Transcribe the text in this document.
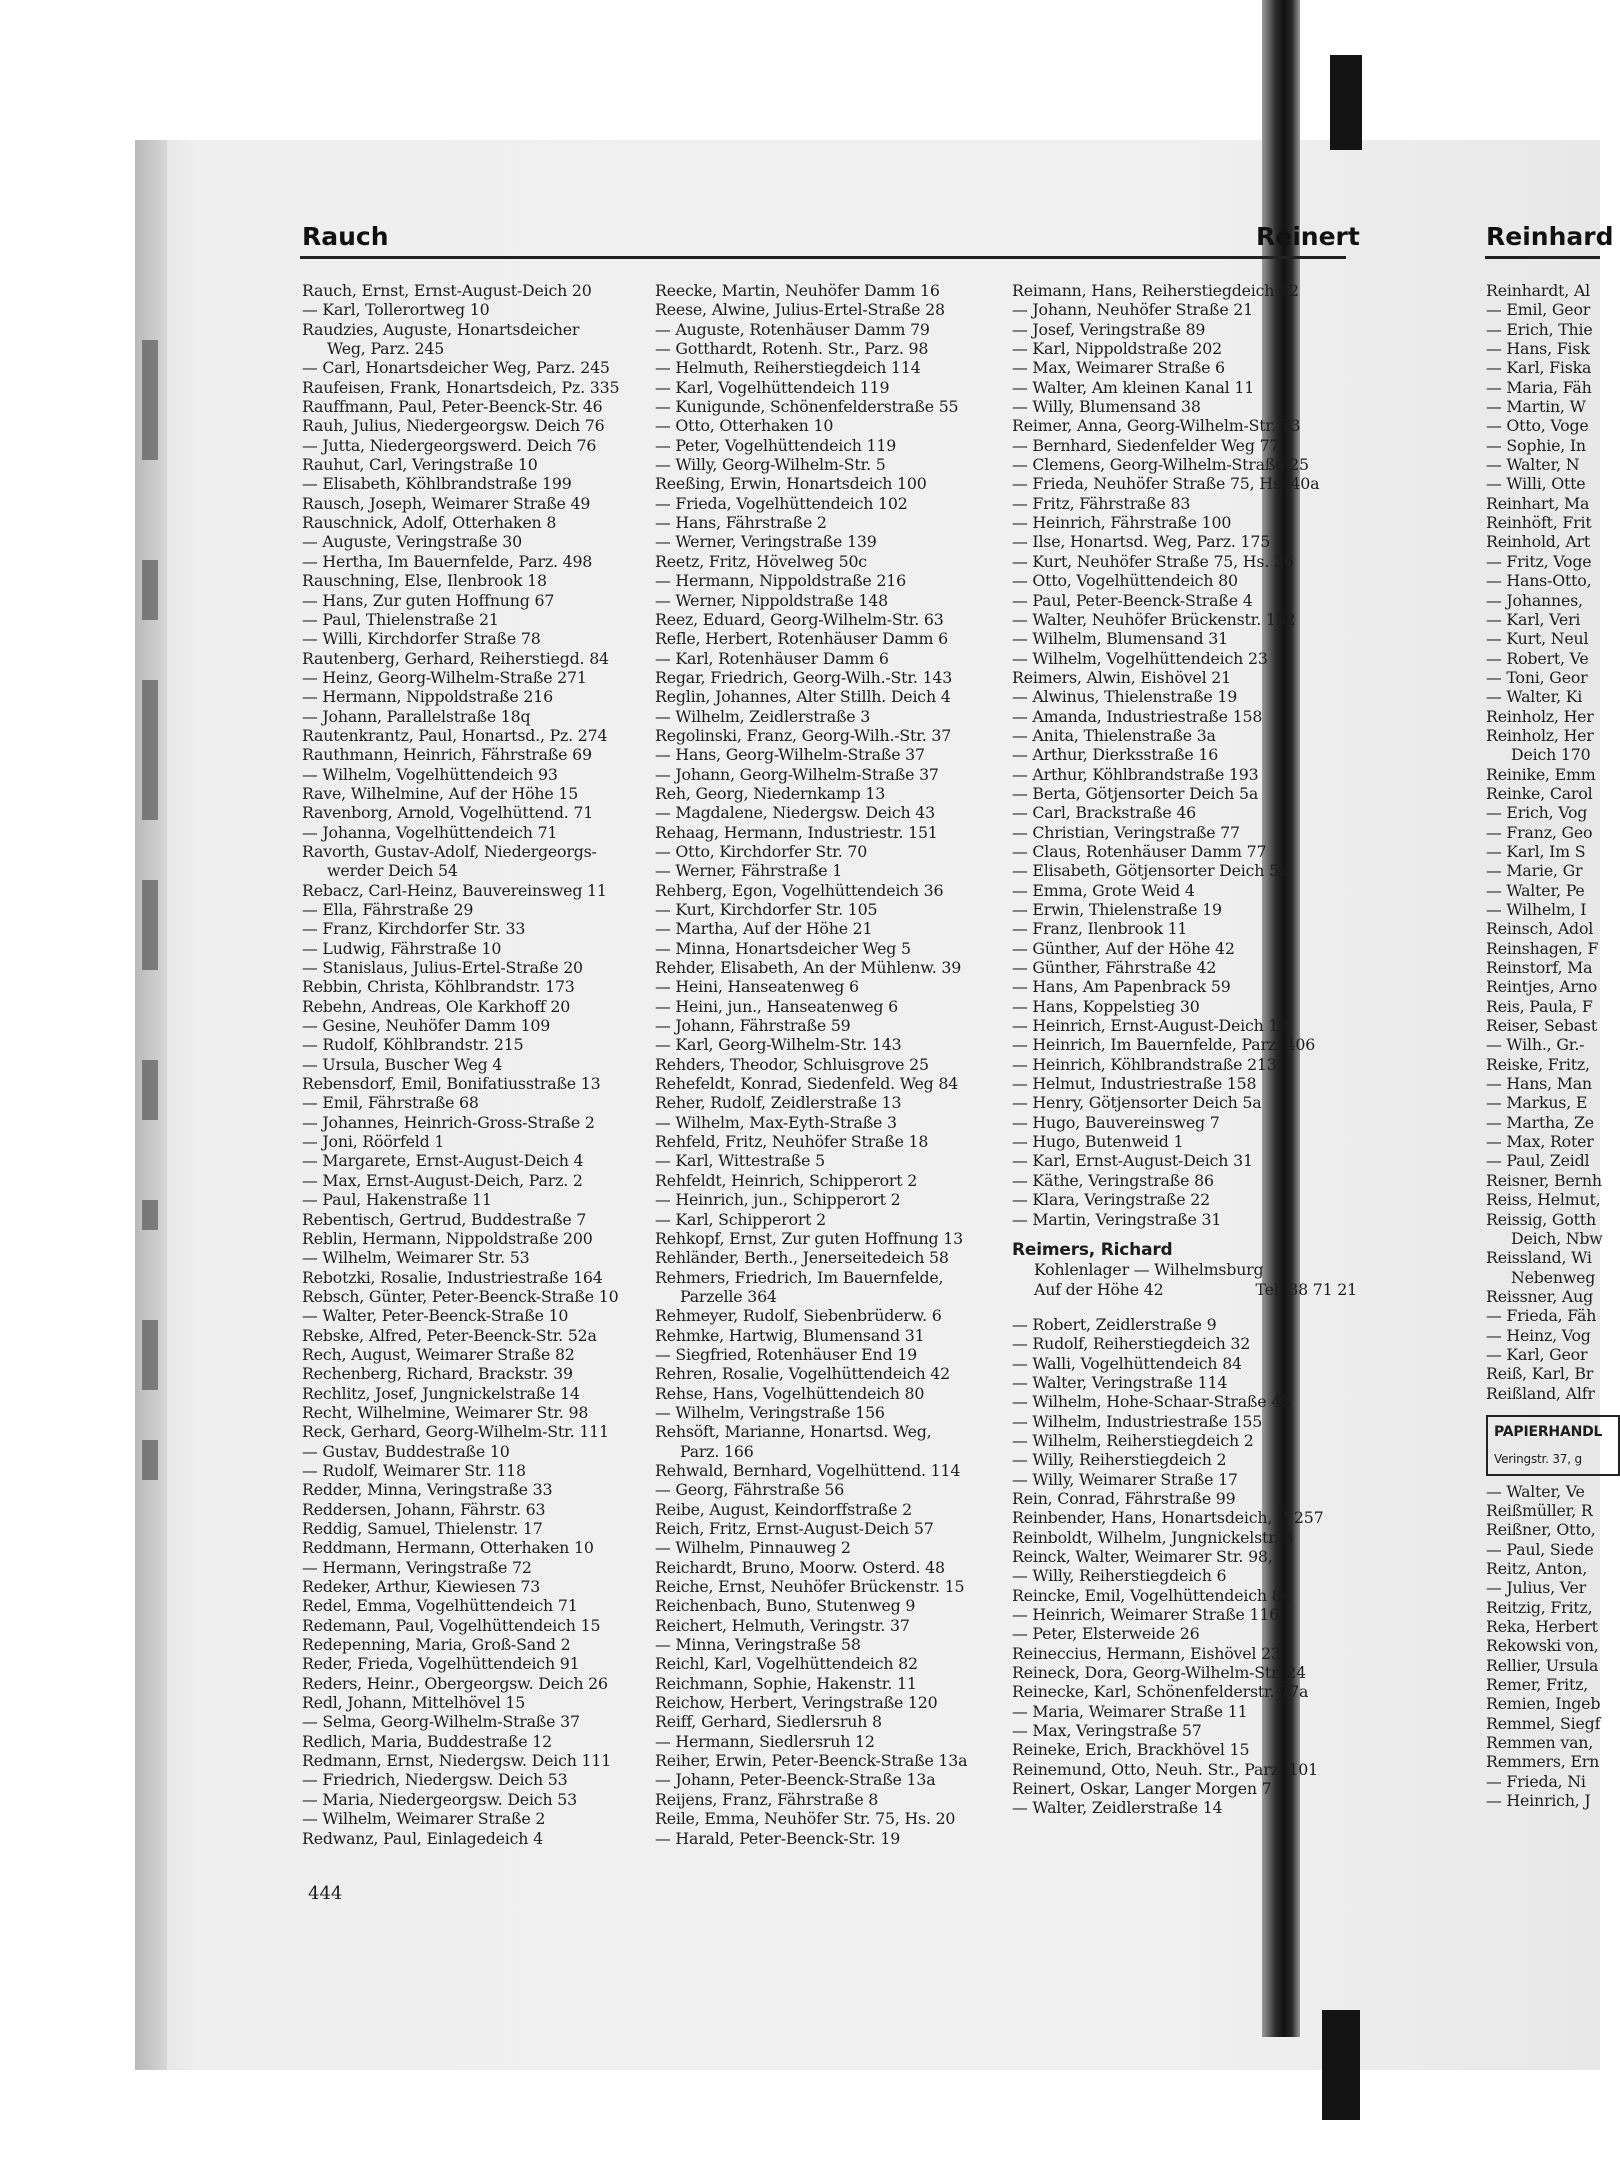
Rauch	Reinert	Reinhard
Rauch, Ernst, Ernst-August-Deich 20
— Karl, Tollerortweg 10
Raudzies, Auguste, Honartsdeicher
Weg, Parz. 245
— Carl, Honartsdeicher Weg, Parz. 245
Raufeisen, Frank, Honartsdeich, Pz. 335
Rauffmann, Paul, Peter-Beenck-Str. 46
Rauh, Julius, Niedergeorgsw. Deich 76
— Jutta, Niedergeorgswerd. Deich 76
Rauhut, Carl, Veringstraße 10
— Elisabeth, Köhlbrandstraße 199
Rausch, Joseph, Weimarer Straße 49
Rauschnick, Adolf, Otterhaken 8
— Auguste, Veringstraße 30
— Hertha, Im Bauernfelde, Parz. 498
Rauschning, Else, Ilenbrook 18
— Hans, Zur guten Hoffnung 67
— Paul, Thielenstraße 21
— Willi, Kirchdorfer Straße 78
Rautenberg, Gerhard, Reiherstiegd. 84
— Heinz, Georg-Wilhelm-Straße 271
— Hermann, Nippoldstraße 216
— Johann, Parallelstraße 18q
Rautenkrantz, Paul, Honartsd., Pz. 274
Rauthmann, Heinrich, Fährstraße 69
— Wilhelm, Vogelhüttendeich 93
Rave, Wilhelmine, Auf der Höhe 15
Ravenborg, Arnold, Vogelhüttend. 71
— Johanna, Vogelhüttendeich 71
Ravorth, Gustav-Adolf, Niedergeorgs-
werder Deich 54
Rebacz, Carl-Heinz, Bauvereinsweg 11
— Ella, Fährstraße 29
— Franz, Kirchdorfer Str. 33
— Ludwig, Fährstraße 10
— Stanislaus, Julius-Ertel-Straße 20
Rebbin, Christa, Köhlbrandstr. 173
Rebehn, Andreas, Ole Karkhoff 20
— Gesine, Neuhöfer Damm 109
— Rudolf, Köhlbrandstr. 215
— Ursula, Buscher Weg 4
Rebensdorf, Emil, Bonifatiusstraße 13
— Emil, Fährstraße 68
— Johannes, Heinrich-Gross-Straße 2
— Joni, Röörfeld 1
— Margarete, Ernst-August-Deich 4
— Max, Ernst-August-Deich, Parz. 2
— Paul, Hakenstraße 11
Rebentisch, Gertrud, Buddestraße 7
Reblin, Hermann, Nippoldstraße 200
— Wilhelm, Weimarer Str. 53
Rebotzki, Rosalie, Industriestraße 164
Rebsch, Günter, Peter-Beenck-Straße 10
— Walter, Peter-Beenck-Straße 10
Rebske, Alfred, Peter-Beenck-Str. 52a
Rech, August, Weimarer Straße 82
Rechenberg, Richard, Brackstr. 39
Rechlitz, Josef, Jungnickelstraße 14
Recht, Wilhelmine, Weimarer Str. 98
Reck, Gerhard, Georg-Wilhelm-Str. 111
— Gustav, Buddestraße 10
— Rudolf, Weimarer Str. 118
Redder, Minna, Veringstraße 33
Reddersen, Johann, Fährstr. 63
Reddig, Samuel, Thielenstr. 17
Reddmann, Hermann, Otterhaken 10
— Hermann, Veringstraße 72
Redeker, Arthur, Kiewiesen 73
Redel, Emma, Vogelhüttendeich 71
Redemann, Paul, Vogelhüttendeich 15
Redepenning, Maria, Groß-Sand 2
Reder, Frieda, Vogelhüttendeich 91
Reders, Heinr., Obergeorgsw. Deich 26
Redl, Johann, Mittelhövel 15
— Selma, Georg-Wilhelm-Straße 37
Redlich, Maria, Buddestraße 12
Redmann, Ernst, Niedergsw. Deich 111
— Friedrich, Niedergsw. Deich 53
— Maria, Niedergeorgsw. Deich 53
— Wilhelm, Weimarer Straße 2
Redwanz, Paul, Einlagedeich 4
Reecke, Martin, Neuhöfer Damm 16
Reese, Alwine, Julius-Ertel-Straße 28
— Auguste, Rotenhäuser Damm 79
— Gotthardt, Rotenh. Str., Parz. 98
— Helmuth, Reiherstiegdeich 114
— Karl, Vogelhüttendeich 119
— Kunigunde, Schönenfelderstraße 55
— Otto, Otterhaken 10
— Peter, Vogelhüttendeich 119
— Willy, Georg-Wilhelm-Str. 5
Reeßing, Erwin, Honartsdeich 100
— Frieda, Vogelhüttendeich 102
— Hans, Fährstraße 2
— Werner, Veringstraße 139
Reetz, Fritz, Hövelweg 50c
— Hermann, Nippoldstraße 216
— Werner, Nippoldstraße 148
Reez, Eduard, Georg-Wilhelm-Str. 63
Refle, Herbert, Rotenhäuser Damm 6
— Karl, Rotenhäuser Damm 6
Regar, Friedrich, Georg-Wilh.-Str. 143
Reglin, Johannes, Alter Stillh. Deich 4
— Wilhelm, Zeidlerstraße 3
Regolinski, Franz, Georg-Wilh.-Str. 37
— Hans, Georg-Wilhelm-Straße 37
— Johann, Georg-Wilhelm-Straße 37
Reh, Georg, Niedernkamp 13
— Magdalene, Niedergsw. Deich 43
Rehaag, Hermann, Industriestr. 151
— Otto, Kirchdorfer Str. 70
— Werner, Fährstraße 1
Rehberg, Egon, Vogelhüttendeich 36
— Kurt, Kirchdorfer Str. 105
— Martha, Auf der Höhe 21
— Minna, Honartsdeicher Weg 5
Rehder, Elisabeth, An der Mühlenw. 39
— Heini, Hanseatenweg 6
— Heini, jun., Hanseatenweg 6
— Johann, Fährstraße 59
— Karl, Georg-Wilhelm-Str. 143
Rehders, Theodor, Schluisgrove 25
Rehefeldt, Konrad, Siedenfeld. Weg 84
Reher, Rudolf, Zeidlerstraße 13
— Wilhelm, Max-Eyth-Straße 3
Rehfeld, Fritz, Neuhöfer Straße 18
— Karl, Wittestraße 5
Rehfeldt, Heinrich, Schipperort 2
— Heinrich, jun., Schipperort 2
— Karl, Schipperort 2
Rehkopf, Ernst, Zur guten Hoffnung 13
Rehländer, Berth., Jenerseitedeich 58
Rehmers, Friedrich, Im Bauernfelde,
Parzelle 364
Rehmeyer, Rudolf, Siebenbrüderw. 6
Rehmke, Hartwig, Blumensand 31
— Siegfried, Rotenhäuser End 19
Rehren, Rosalie, Vogelhüttendeich 42
Rehse, Hans, Vogelhüttendeich 80
— Wilhelm, Veringstraße 156
Rehsöft, Marianne, Honartsd. Weg,
Parz. 166
Rehwald, Bernhard, Vogelhüttend. 114
— Georg, Fährstraße 56
Reibe, August, Keindorffstraße 2
Reich, Fritz, Ernst-August-Deich 57
— Wilhelm, Pinnauweg 2
Reichardt, Bruno, Moorw. Osterd. 48
Reiche, Ernst, Neuhöfer Brückenstr. 15
Reichenbach, Buno, Stutenweg 9
Reichert, Helmuth, Veringstr. 37
— Minna, Veringstraße 58
Reichl, Karl, Vogelhüttendeich 82
Reichmann, Sophie, Hakenstr. 11
Reichow, Herbert, Veringstraße 120
Reiff, Gerhard, Siedlersruh 8
— Hermann, Siedlersruh 12
Reiher, Erwin, Peter-Beenck-Straße 13a
— Johann, Peter-Beenck-Straße 13a
Reijens, Franz, Fährstraße 8
Reile, Emma, Neuhöfer Str. 75, Hs. 20
— Harald, Peter-Beenck-Str. 19
Reimann, Hans, Reiherstiegdeich 22
— Johann, Neuhöfer Straße 21
— Josef, Veringstraße 89
— Karl, Nippoldstraße 202
— Max, Weimarer Straße 6
— Walter, Am kleinen Kanal 11
— Willy, Blumensand 38
Reimer, Anna, Georg-Wilhelm-Str. 73
— Bernhard, Siedenfelder Weg 77
— Clemens, Georg-Wilhelm-Straße 25
— Frieda, Neuhöfer Straße 75, Hs. 40a
— Fritz, Fährstraße 83
— Heinrich, Fährstraße 100
— Ilse, Honartsd. Weg, Parz. 175
— Kurt, Neuhöfer Straße 75, Hs. 36
— Otto, Vogelhüttendeich 80
— Paul, Peter-Beenck-Straße 4
— Walter, Neuhöfer Brückenstr. 152
— Wilhelm, Blumensand 31
— Wilhelm, Vogelhüttendeich 23
Reimers, Alwin, Eishövel 21
— Alwinus, Thielenstraße 19
— Amanda, Industriestraße 158
— Anita, Thielenstraße 3a
— Arthur, Dierksstraße 16
— Arthur, Köhlbrandstraße 193
— Berta, Götjensorter Deich 5a
— Carl, Brackstraße 46
— Christian, Veringstraße 77
— Claus, Rotenhäuser Damm 77
— Elisabeth, Götjensorter Deich 5a
— Emma, Grote Weid 4
— Erwin, Thielenstraße 19
— Franz, Ilenbrook 11
— Günther, Auf der Höhe 42
— Günther, Fährstraße 42
— Hans, Am Papenbrack 59
— Hans, Koppelstieg 30
— Heinrich, Ernst-August-Deich 18
— Heinrich, Im Bauernfelde, Parz. 406
— Heinrich, Köhlbrandstraße 213
— Helmut, Industriestraße 158
— Henry, Götjensorter Deich 5a
— Hugo, Bauvereinsweg 7
— Hugo, Butenweid 1
— Karl, Ernst-August-Deich 31
— Käthe, Veringstraße 86
— Klara, Veringstraße 22
— Martin, Veringstraße 31
Reimers, Richard
Kohlenlager — Wilhelmsburg
Auf der Höhe 42	Tel. 38 71 21
— Robert, Zeidlerstraße 9
— Rudolf, Reiherstiegdeich 32
— Walli, Vogelhüttendeich 84
— Walter, Veringstraße 114
— Wilhelm, Hohe-Schaar-Straße 45
— Wilhelm, Industriestraße 155
— Wilhelm, Reiherstiegdeich 2
— Willy, Reiherstiegdeich 2
— Willy, Weimarer Straße 17
Rein, Conrad, Fährstraße 99
Reinbender, Hans, Honartsdeich, P. 257
Reinboldt, Wilhelm, Jungnickelstr. 3
Reinck, Walter, Weimarer Str. 98,
— Willy, Reiherstiegdeich 6
Reincke, Emil, Vogelhüttendeich 84
— Heinrich, Weimarer Straße 116
— Peter, Elsterweide 26
Reineccius, Hermann, Eishövel 23
Reineck, Dora, Georg-Wilhelm-Str. 24
Reinecke, Karl, Schönenfelderstr. 77a
— Maria, Weimarer Straße 11
— Max, Veringstraße 57
Reineke, Erich, Brackhövel 15
Reinemund, Otto, Neuh. Str., Parz. 101
Reinert, Oskar, Langer Morgen 7
— Walter, Zeidlerstraße 14
Reinhardt, Al
— Emil, Geor
— Erich, Thie
— Hans, Fisk
— Karl, Fiska
— Maria, Fäh
— Martin, W
— Otto, Voge
— Sophie, In
— Walter, N
— Willi, Otte
Reinhart, Ma
Reinhöft, Frit
Reinhold, Art
— Fritz, Voge
— Hans-Otto,
— Johannes,
— Karl, Veri
— Kurt, Neul
— Robert, Ve
— Toni, Geor
— Walter, Ki
Reinholz, Her
Reinholz, Her
Deich 170
Reinike, Emm
Reinke, Carol
— Erich, Vog
— Franz, Geo
— Karl, Im S
— Marie, Gr
— Walter, Pe
— Wilhelm, I
Reinsch, Adol
Reinshagen, F
Reinstorf, Ma
Reintjes, Arno
Reis, Paula, F
Reiser, Sebast
— Wilh., Gr.-
Reiske, Fritz,
— Hans, Man
— Markus, E
— Martha, Ze
— Max, Roter
— Paul, Zeidl
Reisner, Bernh
Reiss, Helmut,
Reissig, Gotth
Deich, Nbw
Reissland, Wi
Nebenweg
Reissner, Aug
— Frieda, Fäh
— Heinz, Vog
— Karl, Geor
Reiß, Karl, Br
Reißland, Alfr
PAPIERHANDL
Veringstr. 37, g
— Walter, Ve
Reißmüller, R
Reißner, Otto,
— Paul, Siede
Reitz, Anton,
— Julius, Ver
Reitzig, Fritz,
Reka, Herbert
Rekowski von,
Rellier, Ursula
Remer, Fritz,
Remien, Ingeb
Remmel, Siegf
Remmen van,
Remmers, Ern
— Frieda, Ni
— Heinrich, J
444
